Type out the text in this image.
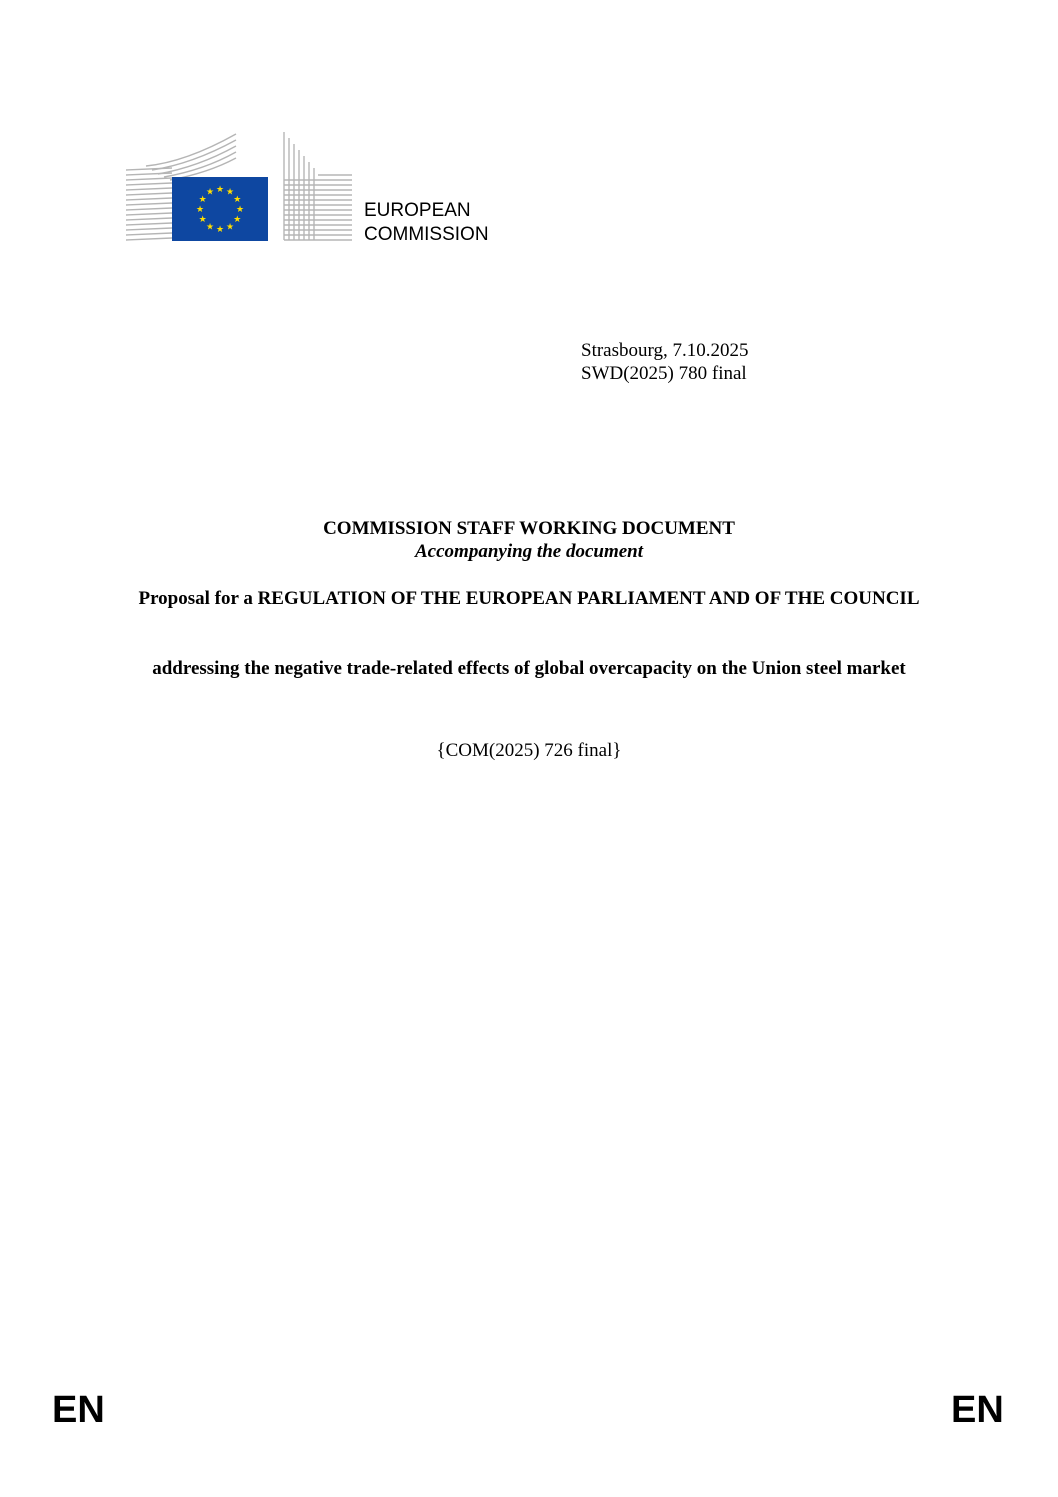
★ ★
★
★
★
★
★
★
★
★
★
★
EUROPEAN
COMMISSION
Strasbourg, 7.10.2025
SWD(2025) 780 final
COMMISSION STAFF WORKING DOCUMENT
Accompanying the document
Proposal for a REGULATION OF THE EUROPEAN PARLIAMENT AND OF THE COUNCIL
addressing the negative trade-related effects of global overcapacity on the Union steel market
{COM(2025) 726 final}
EN	EN
